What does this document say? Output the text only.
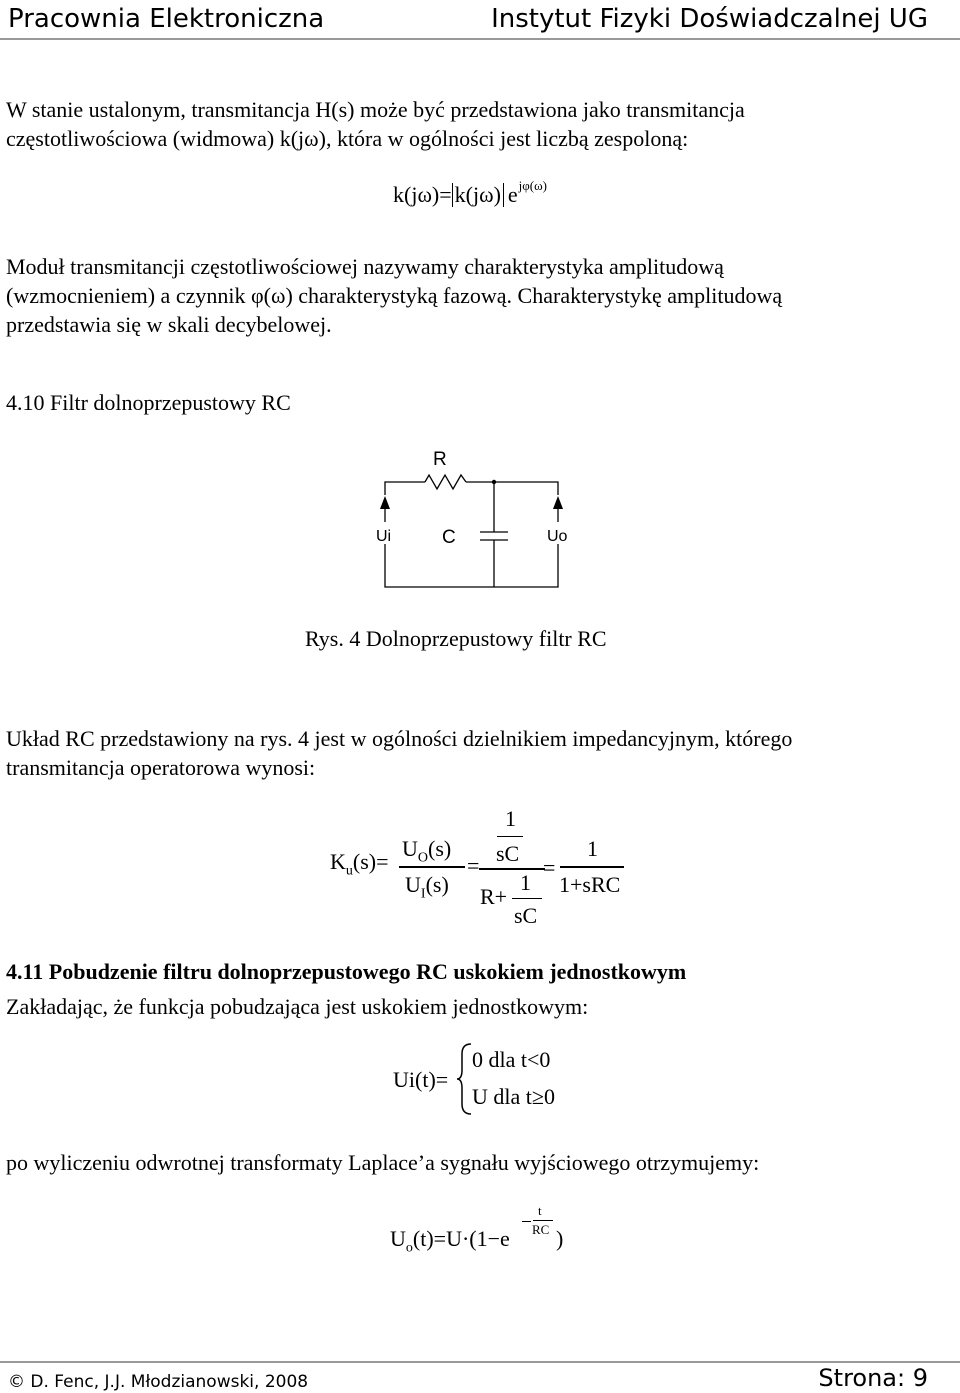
Pracownia Elektroniczna	Instytut Fizyki Doświadczalnej UG
W stanie ustalonym, transmitancja H(s) może być przedstawiona jako transmitancja
częstotliwościowa (widmowa) k(jω), która w ogólności jest liczbą zespoloną:
k(jω)= k(jω) $e^{j\varphi(\omega)}$
Moduł transmitancji częstotliwościowej nazywamy charakterystyka amplitudową
(wzmocnieniem) a czynnik φ(ω) charakterystyką fazową. Charakterystykę amplitudową
przedstawia się w skali decybelowej.
4.10 Filtr dolnoprzepustowy RC
R
Ui	C	Uo
Rys. 4 Dolnoprzepustowy filtr RC
Układ RC przedstawiony na rys. 4 jest w ogólności dzielnikiem impedancyjnym, którego
transmitancja operatorowa wynosi:
$K_u(s)=$
$U_O(s)$
$U_I(s)$
=
1
sC
1
R+
sC
=
1
1+sRC
4.11 Pobudzenie filtru dolnoprzepustowego RC uskokiem jednostkowym
Zakładając, że funkcja pobudzająca jest uskokiem jednostkowym:
Ui(t)=
0 dla t<0
U dla t≥0
po wyliczeniu odwrotnej transformaty Laplace’a sygnału wyjściowego otrzymujemy:
$U_o(t)=U\cdot(1-e$
t
RC )
© D. Fenc, J.J. Młodzianowski, 2008	Strona: 9
